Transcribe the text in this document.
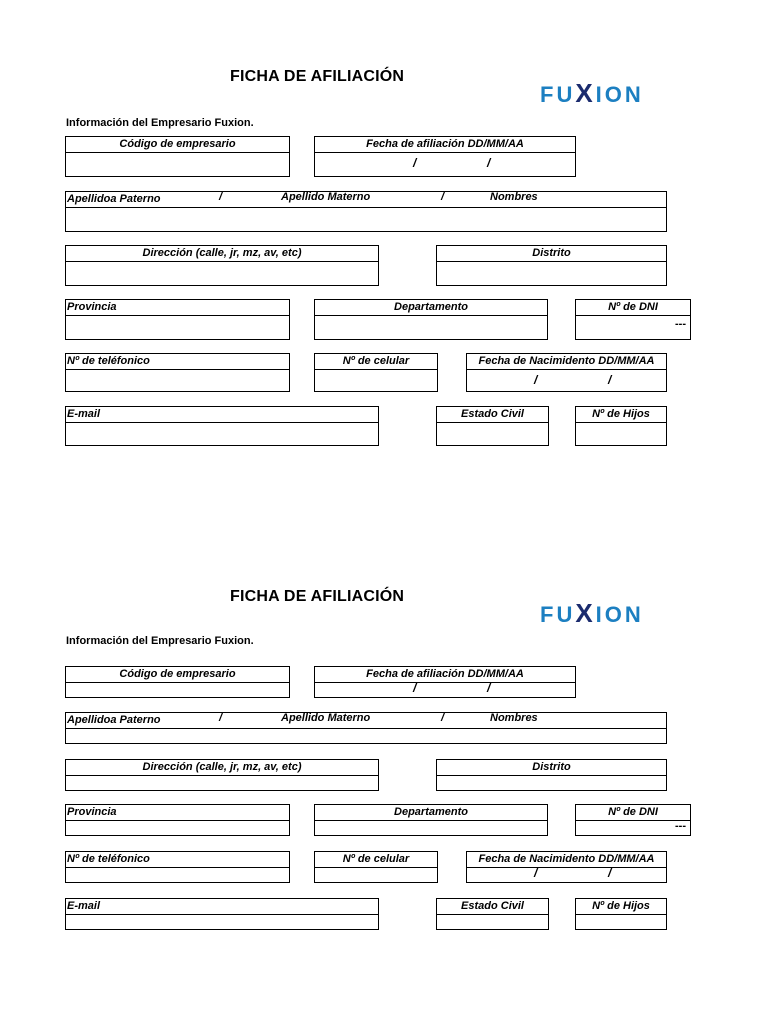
FICHA DE AFILIACIÓN
FUXION
Información del Empresario Fuxion.
Código de empresario	Fecha de afiliación DD/MM/AA
/	/
Apellidoa Paterno	/	Apellido Materno	/	Nombres
Dirección (calle, jr, mz, av, etc)	Distrito
Provincia	Departamento	Nº de DNI
---
Nº de teléfonico	Nº de celular	Fecha de Nacimidento DD/MM/AA
/	/
E-mail	Estado Civil	Nº de Hijos
FICHA DE AFILIACIÓN
FUXION
Información del Empresario Fuxion.
Código de empresario	Fecha de afiliación DD/MM/AA
/	/
Apellidoa Paterno	/	Apellido Materno	/	Nombres
Dirección (calle, jr, mz, av, etc)	Distrito
Provincia	Departamento	Nº de DNI
---
Nº de teléfonico	Nº de celular	Fecha de Nacimidento DD/MM/AA
/	/
E-mail	Estado Civil	Nº de Hijos
